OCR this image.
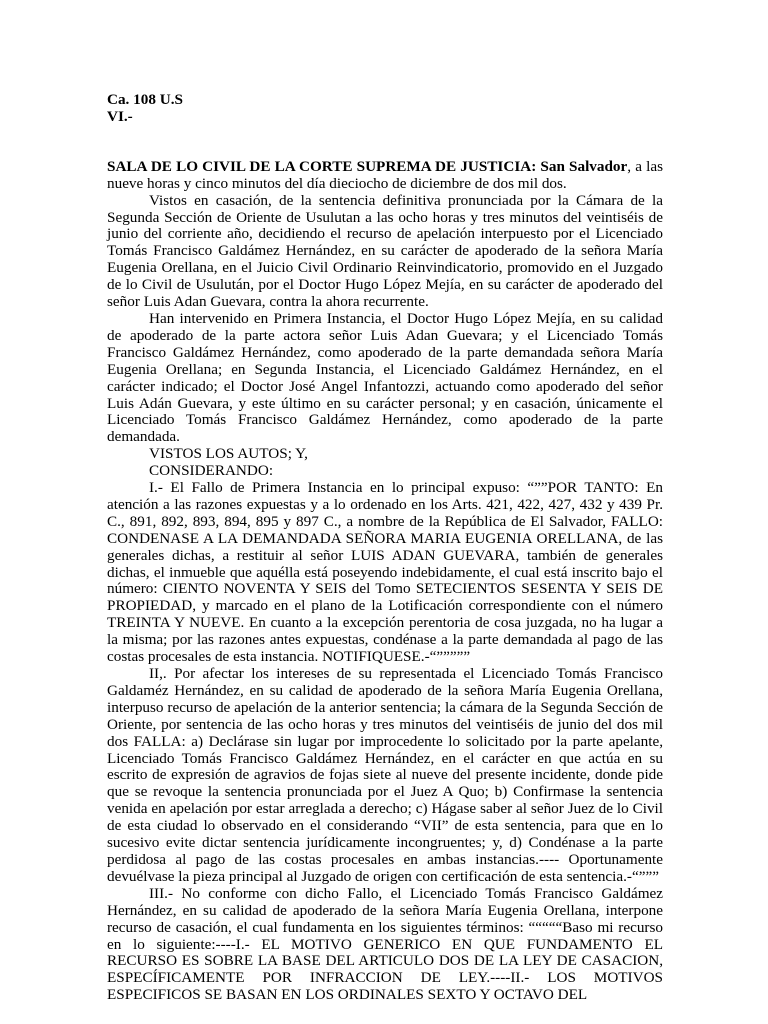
Ca. 108 U.S
VI.-

SALA DE LO CIVIL DE LA CORTE SUPREMA DE JUSTICIA: San Salvador, a las nueve horas y cinco minutos del día dieciocho de diciembre de dos mil dos.

Vistos en casación, de la sentencia definitiva pronunciada por la Cámara de la Segunda Sección de Oriente de Usulutan a las ocho horas y tres minutos del veintiséis de junio del corriente año, decidiendo el recurso de apelación interpuesto por el Licenciado Tomás Francisco Galdámez Hernández, en su carácter de apoderado de la señora María Eugenia Orellana, en el Juicio Civil Ordinario Reinvindicatorio, promovido en el Juzgado de lo Civil de Usulután, por el Doctor Hugo López Mejía, en su carácter de apoderado del señor Luis Adan Guevara, contra la ahora recurrente.

Han intervenido en Primera Instancia, el Doctor Hugo López Mejía, en su calidad de apoderado de la parte actora señor Luis Adan Guevara; y el Licenciado Tomás Francisco Galdámez Hernández, como apoderado de la parte demandada señora María Eugenia Orellana; en Segunda Instancia, el Licenciado Galdámez Hernández, en el carácter indicado; el Doctor José Angel Infantozzi, actuando como apoderado del señor Luis Adán Guevara, y este último en su carácter personal; y en casación, únicamente el Licenciado Tomás Francisco Galdámez Hernández, como apoderado de la parte demandada.

VISTOS LOS AUTOS; Y,

CONSIDERANDO:

I.- El Fallo de Primera Instancia en lo principal expuso: “””POR TANTO: En atención a las razones expuestas y a lo ordenado en los Arts. 421, 422, 427, 432 y 439 Pr. C., 891, 892, 893, 894, 895 y 897 C., a nombre de la República de El Salvador, FALLO: CONDENASE A LA DEMANDADA SEÑORA MARIA EUGENIA ORELLANA, de las generales dichas, a restituir al señor LUIS ADAN GUEVARA, también de generales dichas, el inmueble que aquélla está poseyendo indebidamente, el cual está inscrito bajo el número: CIENTO NOVENTA Y SEIS del Tomo SETECIENTOS SESENTA Y SEIS DE PROPIEDAD, y marcado en el plano de la Lotificación correspondiente con el número TREINTA Y NUEVE. En cuanto a la excepción perentoria de cosa juzgada, no ha lugar a la misma; por las razones antes expuestas, condénase a la parte demandada al pago de las costas procesales de esta instancia. NOTIFIQUESE.-“”””””

II,. Por afectar los intereses de su representada el Licenciado Tomás Francisco Galdaméz Hernández, en su calidad de apoderado de la señora María Eugenia Orellana, interpuso recurso de apelación de la anterior sentencia; la cámara de la Segunda Sección de Oriente, por sentencia de las ocho horas y tres minutos del veintiséis de junio del dos mil dos FALLA: a) Declárase sin lugar por improcedente lo solicitado por la parte apelante, Licenciado Tomás Francisco Galdámez Hernández, en el carácter en que actúa en su escrito de expresión de agravios de fojas siete al nueve del presente incidente, donde pide que se revoque la sentencia pronunciada por el Juez A Quo; b) Confirmase la sentencia venida en apelación por estar arreglada a derecho; c) Hágase saber al señor Juez de lo Civil de esta ciudad lo observado en el considerando “VII” de esta sentencia, para que en lo sucesivo evite dictar sentencia jurídicamente incongruentes; y, d) Condénase a la parte perdidosa al pago de las costas procesales en ambas instancias.---- Oportunamente devuélvase la pieza principal al Juzgado de origen con certificación de esta sentencia.-“”””

III.- No conforme con dicho Fallo, el Licenciado Tomás Francisco Galdámez Hernández, en su calidad de apoderado de la señora María Eugenia Orellana, interpone recurso de casación, el cual fundamenta en los siguientes términos: “““““Baso mi recurso en lo siguiente:----I.- EL MOTIVO GENERICO EN QUE FUNDAMENTO EL RECURSO ES SOBRE LA BASE DEL ARTICULO DOS DE LA LEY DE CASACION, ESPECÍFICAMENTE POR INFRACCION DE LEY.----II.- LOS MOTIVOS ESPECIFICOS SE BASAN EN LOS ORDINALES SEXTO Y OCTAVO DEL
